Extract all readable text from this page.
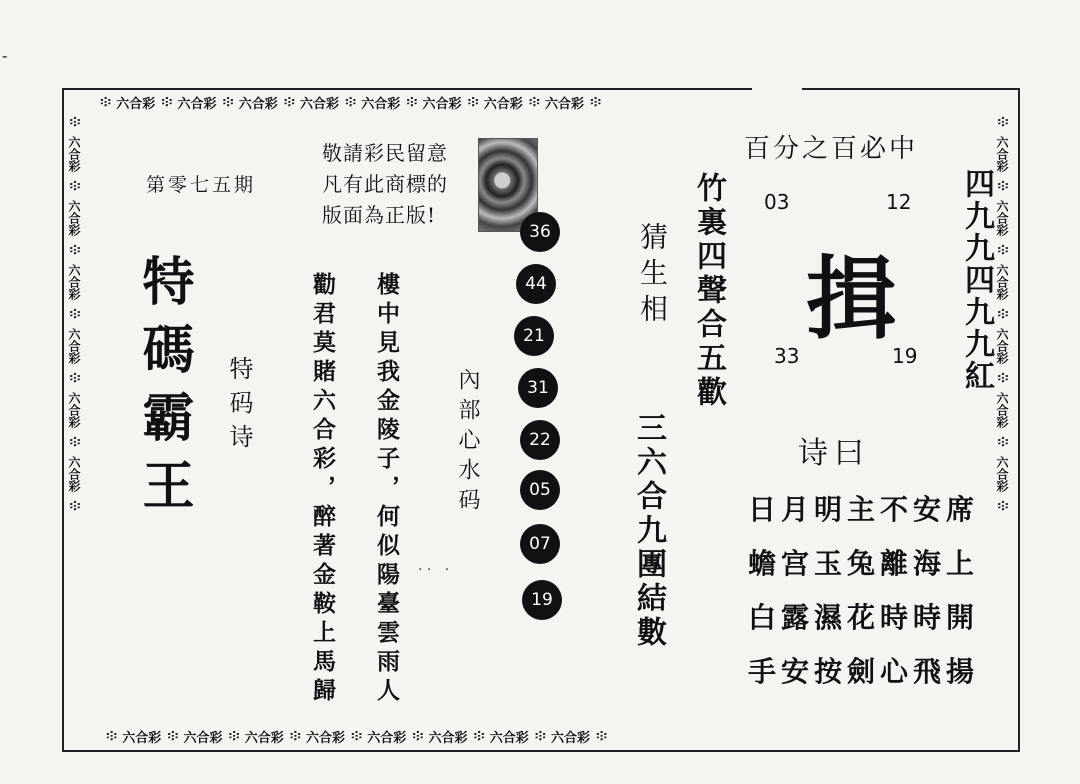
-
፨ 六合彩 ፨ 六合彩 ፨ 六合彩 ፨ 六合彩 ፨ 六合彩 ፨ 六合彩 ፨ 六合彩 ፨ 六合彩 ፨
፨ 六合彩 ፨ 六合彩 ፨ 六合彩 ፨ 六合彩 ፨ 六合彩 ፨ 六合彩 ፨ 六合彩 ፨ 六合彩 ፨
፨
六合彩
፨
六合彩
፨
六合彩
፨
六合彩
፨
六合彩
፨
六合彩
፨
፨
六合彩
፨
六合彩
፨
六合彩
፨
六合彩
፨
六合彩
፨
六合彩
፨
第零七五期
特碼霸王 特码诗
敬請彩民留意
凡有此商標的
版面為正版!
勸君莫賭六合彩，醉著金鞍上馬歸 樓中見我金陵子，何似陽臺雲雨人	內部心水码
· ·   ·
36
44
21
31
22
05
07
19
猜生相 竹裏四聲合五歡
三六合九團結數
百分之百必中
03	12
33	19
揖 四九九四九九紅
诗曰
日月明主不安席
蟾宫玉兔離海上
白露濕花時時開
手安按劍心飛揚
